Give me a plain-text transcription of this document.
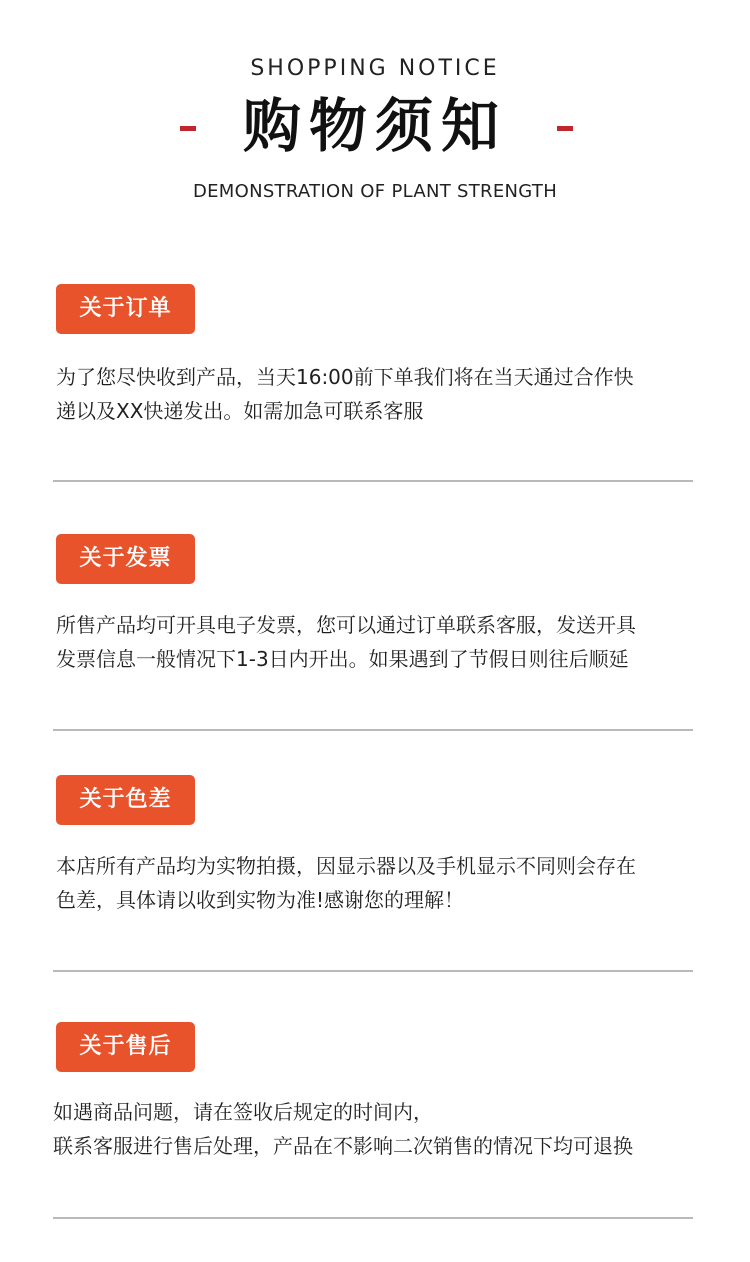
SHOPPING NOTICE
购物须知
DEMONSTRATION OF PLANT STRENGTH
关于订单
为了您尽快收到产品，当天16:00前下单我们将在当天通过合作快
递以及XX快递发出。如需加急可联系客服
关于发票
所售产品均可开具电子发票，您可以通过订单联系客服，发送开具
发票信息一般情况下1-3日内开出。如果遇到了节假日则往后顺延
关于色差
本店所有产品均为实物拍摄，因显示器以及手机显示不同则会存在
色差，具体请以收到实物为准!感谢您的理解！
关于售后
如遇商品问题，请在签收后规定的时间内，
联系客服进行售后处理，产品在不影响二次销售的情况下均可退换
